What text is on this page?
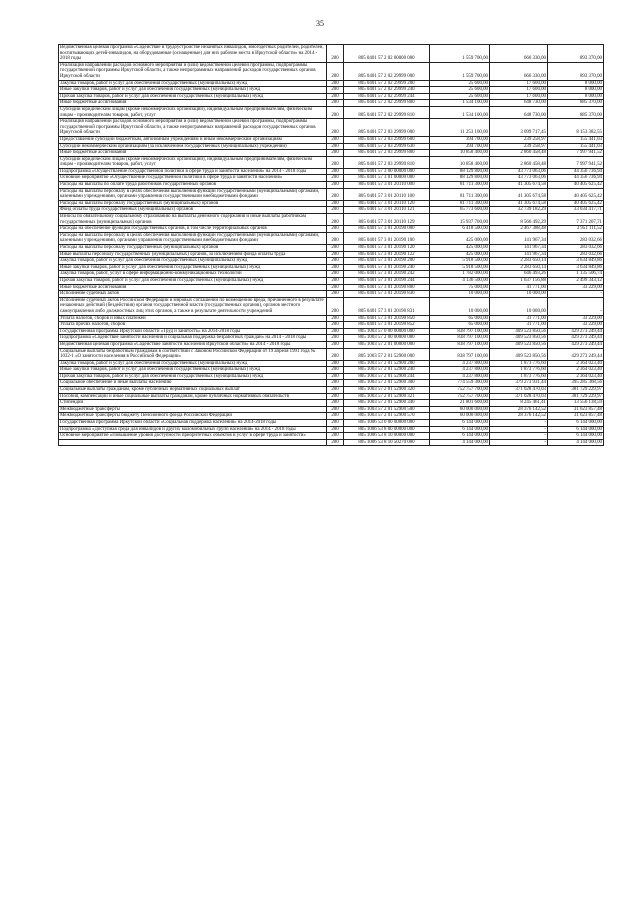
35
Ведомственная целевая программа «Содействие в трудоустройстве незанятых инвалидов, многодетных родителей, родителей, воспитывающих детей-инвалидов, на оборудованные (оснащенные) для них рабочие места в Иркутской области» на 2014 - 2018 годы	200	805 0401 57 2 02 00000 000	1 559 700,00	666 330,00	893 370,00
Реализация направлений расходов основного мероприятия и (или) ведомственной целевой программы, подпрограммы государственной программы Иркутской области, а также непрограммных направлений расходов государственных органов Иркутской области	200	805 0401 57 2 02 29999 000	1 559 700,00	666 330,00	893 370,00
Закупка товаров, работ и услуг для обеспечения государственных (муниципальных) нужд	200	805 0401 57 2 02 29999 200	25 600,00	17 600,00	8 000,00
Иные закупки товаров, работ и услуг для обеспечения государственных (муниципальных) нужд	200	805 0401 57 2 02 29999 240	25 600,00	17 600,00	8 000,00
Прочая закупка товаров, работ и услуг для обеспечения государственных (муниципальных) нужд	200	805 0401 57 2 02 29999 244	25 600,00	17 600,00	8 000,00
Иные бюджетные ассигнования	200	805 0401 57 2 02 29999 800	1 534 100,00	648 730,00	885 370,00
Субсидии юридическим лицам (кроме некоммерческих организаций), индивидуальным предпринимателям, физическим лицам - производителям товаров, работ, услуг	200	805 0401 57 2 02 29999 810	1 534 100,00	648 730,00	885 370,00
Реализация направлений расходов основного мероприятия и (или) ведомственной целевой программы, подпрограммы государственной программы Иркутской области, а также непрограммных направлений расходов государственных органов Иркутской области	200	805 0401 57 2 03 29999 000	11 253 100,00	3 099 717,45	8 153 382,55
Предоставление субсидий бюджетным, автономным учреждениям и иным некоммерческим организациям	200	805 0401 57 2 03 29999 600	394 700,00	239 258,97	155 441,03
Субсидии некоммерческим организациям (за исключением государственных (муниципальных) учреждений)	200	805 0401 57 2 03 29999 630	394 700,00	239 258,97	155 441,03
Иные бюджетные ассигнования	200	805 0401 57 2 03 29999 800	10 858 400,00	2 860 458,48	7 997 941,52
Субсидии юридическим лицам (кроме некоммерческих организаций), индивидуальным предпринимателям, физическим лицам - производителям товаров, работ, услуг	200	805 0401 57 2 03 29999 810	10 858 400,00	2 860 458,48	7 997 941,52
Подпрограмма «Осуществление государственной политики в сфере труда и занятости населения» на 2014 - 2018 годы	200	805 0401 57 3 00 00000 000	88 129 800,00	43 773 063,06	44 356 736,94
Основное мероприятие «Осуществление государственной политики в сфере труда и занятости населения»	200	805 0401 57 3 01 00000 000	88 129 800,00	43 773 063,06	44 356 736,94
Расходы на выплаты по оплате труда работников государственных органов	200	805 0401 57 3 01 20110 000	81 711 300,00	41 305 674,58	40 405 625,42
Расходы на выплаты персоналу в целях обеспечения выполнения функций государственными (муниципальными) органами, казенными учреждениями, органами управления государственными внебюджетными фондами	200	805 0401 57 3 01 20110 100	81 711 300,00	41 305 674,58	40 405 625,42
Расходы на выплаты персоналу государственных (муниципальных) органов	200	805 0401 57 3 01 20110 120	81 711 300,00	41 305 674,58	40 405 625,42
Фонд оплаты труда государственных (муниципальных) органов	200	805 0401 57 3 01 20110 121	65 773 600,00	32 739 182,29	33 034 417,71
Взносы по обязательному социальному страхованию на выплаты денежного содержания и иные выплаты работникам государственных (муниципальных) органов	200	805 0401 57 3 01 20110 129	15 937 700,00	8 566 492,29	7 371 207,71
Расходы на обеспечение функций государственных органов, в том числе территориальных органов	200	805 0401 57 3 01 20190 000	6 418 500,00	2 467 388,48	3 951 111,52
Расходы на выплаты персоналу в целях обеспечения выполнения функций государственными (муниципальными) органами, казенными учреждениями, органами управления государственными внебюджетными фондами	200	805 0401 57 3 01 20190 100	425 000,00	141 967,34	283 032,66
Расходы на выплаты персоналу государственных (муниципальных) органов	200	805 0401 57 3 01 20190 120	425 000,00	141 967,34	283 032,66
Иные выплаты персоналу государственных (муниципальных) органов, за исключением фонда оплаты труда	200	805 0401 57 3 01 20190 122	425 000,00	141 967,34	283 032,66
Закупка товаров, работ и услуг для обеспечения государственных (муниципальных) нужд	200	805 0401 57 3 01 20190 200	5 918 500,00	2 283 650,14	3 634 849,86
Иные закупки товаров, работ и услуг для обеспечения государственных (муниципальных) нужд	200	805 0401 57 3 01 20190 240	5 918 500,00	2 283 650,14	3 634 849,86
Закупка товаров, работ, услуг в сфере информационно-коммуникационных технологий	200	805 0401 57 3 01 20190 242	1 782 000,00	646 493,26	1 135 506,74
Прочая закупка товаров, работ и услуг для обеспечения государственных (муниципальных) нужд	200	805 0401 57 3 01 20190 244	4 136 500,00	1 637 156,88	2 499 343,12
Иные бюджетные ассигнования	200	805 0401 57 3 01 20190 800	75 000,00	41 771,00	33 229,00
Исполнение судебных актов	200	805 0401 57 3 01 20190 830	10 000,00	10 000,00	-
Исполнение судебных актов Российской Федерации и мировых соглашений по возмещению вреда, причиненного в результате незаконных действий (бездействия) органов государственной власти (государственных органов), органов местного самоуправления либо должностных лиц этих органов, а также в результате деятельности учреждений	200	805 0401 57 3 01 20190 831	10 000,00	10 000,00	-
Уплата налогов, сборов и иных платежей	200	805 0401 57 3 01 20190 850	65 000,00	31 771,00	33 229,00
Уплата прочих налогов, сборов	200	805 0401 57 3 01 20190 852	65 000,00	31 771,00	33 229,00
Государственная программа Иркутской области «Труд и занятость» на 2014-2018 годы	200	805 1003 57 0 00 00000 000	838 797 100,00	409 523 850,56	429 273 249,44
Подпрограмма «Содействие занятости населения и социальная поддержка безработных граждан» на 2014 - 2018 годы	200	805 1003 57 2 00 00000 000	838 797 100,00	409 523 850,56	429 273 249,44
Ведомственная целевая программа «Содействие занятости населения Иркутской области» на 2014 - 2018 годы	200	805 1003 57 2 01 00000 000	838 797 100,00	409 523 850,56	429 273 249,44
Социальные выплаты безработным гражданам в соответствии с Законом Российской Федерации от 19 апреля 1991 года № 1032-1 «О занятости населения в Российской Федерации»	200	805 1003 57 2 01 52900 000	838 797 100,00	409 523 850,56	429 273 249,44
Закупка товаров, работ и услуг для обеспечения государственных (муниципальных) нужд	200	805 1003 57 2 01 52900 200	4 237 800,00	1 873 776,60	2 364 023,40
Иные закупки товаров, работ и услуг для обеспечения государственных (муниципальных) нужд	200	805 1003 57 2 01 52900 240	4 237 800,00	1 873 776,60	2 364 023,40
Прочая закупка товаров, работ и услуг для обеспечения государственных (муниципальных) нужд	200	805 1003 57 2 01 52900 244	4 237 800,00	1 873 776,60	2 364 023,40
Социальное обеспечение и иные выплаты населению	200	805 1003 57 2 01 52900 300	774 559 300,00	379 273 931,44	395 285 368,56
Социальные выплаты гражданам, кроме публичных нормативных социальных выплат	200	805 1003 57 2 01 52900 320	752 757 700,00	371 028 470,03	381 729 229,97
Пособия, компенсации и иные социальные выплаты гражданам, кроме публичных нормативных обязательств	200	805 1003 57 2 01 52900 321	752 757 700,00	371 028 470,03	381 729 229,97
Стипендии	200	805 1003 57 2 01 52900 340	21 801 600,00	8 245 461,41	13 556 138,59
Межбюджетные трансферты	200	805 1003 57 2 01 52900 500	60 000 000,00	28 376 142,52	31 623 857,48
Межбюджетные трансферты бюджету Пенсионного фонда Российской Федерации	200	805 1003 57 2 01 52900 570	60 000 000,00	28 376 142,52	31 623 857,48
Государственная программа Иркутской области «Социальная поддержка населения» на 2014-2018 годы	200	805 1006 53 0 00 00000 000	6 144 000,00	-	6 144 000,00
Подпрограмма «Доступная среда для инвалидов и других маломобильных групп населения» на 2014 - 2018 годы	200	805 1006 53 8 00 00000 000	6 144 000,00	-	6 144 000,00
Основное мероприятие «Повышение уровня доступности приоритетных объектов и услуг в сфере труда и занятости»	200	805 1006 53 8 10 00000 000	6 144 000,00	-	6 144 000,00
	200	805 1006 53 8 10 50270 000	4 144 000,00	-	4 144 000,00
